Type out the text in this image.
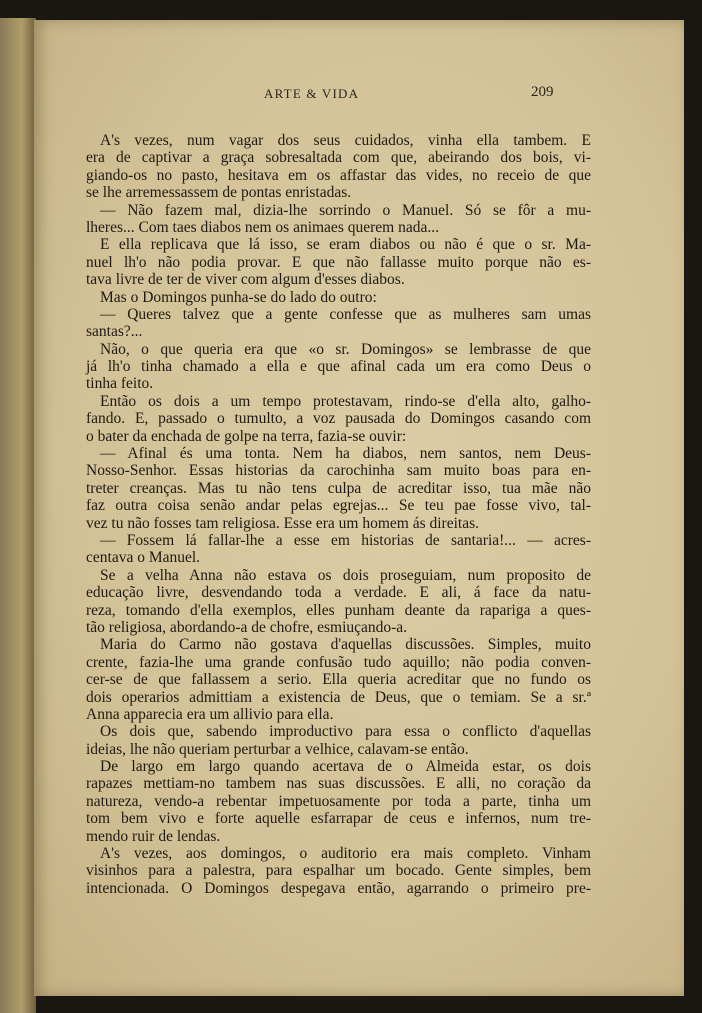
ARTE & VIDA	209
A's vezes, num vagar dos seus cuidados, vinha ella tambem. E
era de captivar a graça sobresaltada com que, abeirando dos bois, vi-
giando-os no pasto, hesitava em os affastar das vides, no receio de que
se lhe arremessassem de pontas enristadas.
— Não fazem mal, dizia-lhe sorrindo o Manuel. Só se fôr a mu-
lheres... Com taes diabos nem os animaes querem nada...
E ella replicava que lá isso, se eram diabos ou não é que o sr. Ma-
nuel lh'o não podia provar. E que não fallasse muito porque não es-
tava livre de ter de viver com algum d'esses diabos.
Mas o Domingos punha-se do lado do outro:
— Queres talvez que a gente confesse que as mulheres sam umas
santas?...
Não, o que queria era que «o sr. Domingos» se lembrasse de que
já lh'o tinha chamado a ella e que afinal cada um era como Deus o
tinha feito.
Então os dois a um tempo protestavam, rindo-se d'ella alto, galho-
fando. E, passado o tumulto, a voz pausada do Domingos casando com
o bater da enchada de golpe na terra, fazia-se ouvir:
— Afinal és uma tonta. Nem ha diabos, nem santos, nem Deus-
Nosso-Senhor. Essas historias da carochinha sam muito boas para en-
treter creanças. Mas tu não tens culpa de acreditar isso, tua mãe não
faz outra coisa senão andar pelas egrejas... Se teu pae fosse vivo, tal-
vez tu não fosses tam religiosa. Esse era um homem ás direitas.
— Fossem lá fallar-lhe a esse em historias de santaria!... — acres-
centava o Manuel.
Se a velha Anna não estava os dois proseguiam, num proposito de
educação livre, desvendando toda a verdade. E ali, á face da natu-
reza, tomando d'ella exemplos, elles punham deante da rapariga a ques-
tão religiosa, abordando-a de chofre, esmiuçando-a.
Maria do Carmo não gostava d'aquellas discussões. Simples, muito
crente, fazia-lhe uma grande confusão tudo aquillo; não podia conven-
cer-se de que fallassem a serio. Ella queria acreditar que no fundo os
dois operarios admittiam a existencia de Deus, que o temiam. Se a sr.ª
Anna apparecia era um allivio para ella.
Os dois que, sabendo improductivo para essa o conflicto d'aquellas
ideias, lhe não queriam perturbar a velhice, calavam-se então.
De largo em largo quando acertava de o Almeida estar, os dois
rapazes mettiam-no tambem nas suas discussões. E alli, no coração da
natureza, vendo-a rebentar impetuosamente por toda a parte, tinha um
tom bem vivo e forte aquelle esfarrapar de ceus e infernos, num tre-
mendo ruir de lendas.
A's vezes, aos domingos, o auditorio era mais completo. Vinham
visinhos para a palestra, para espalhar um bocado. Gente simples, bem
intencionada. O Domingos despegava então, agarrando o primeiro pre-
